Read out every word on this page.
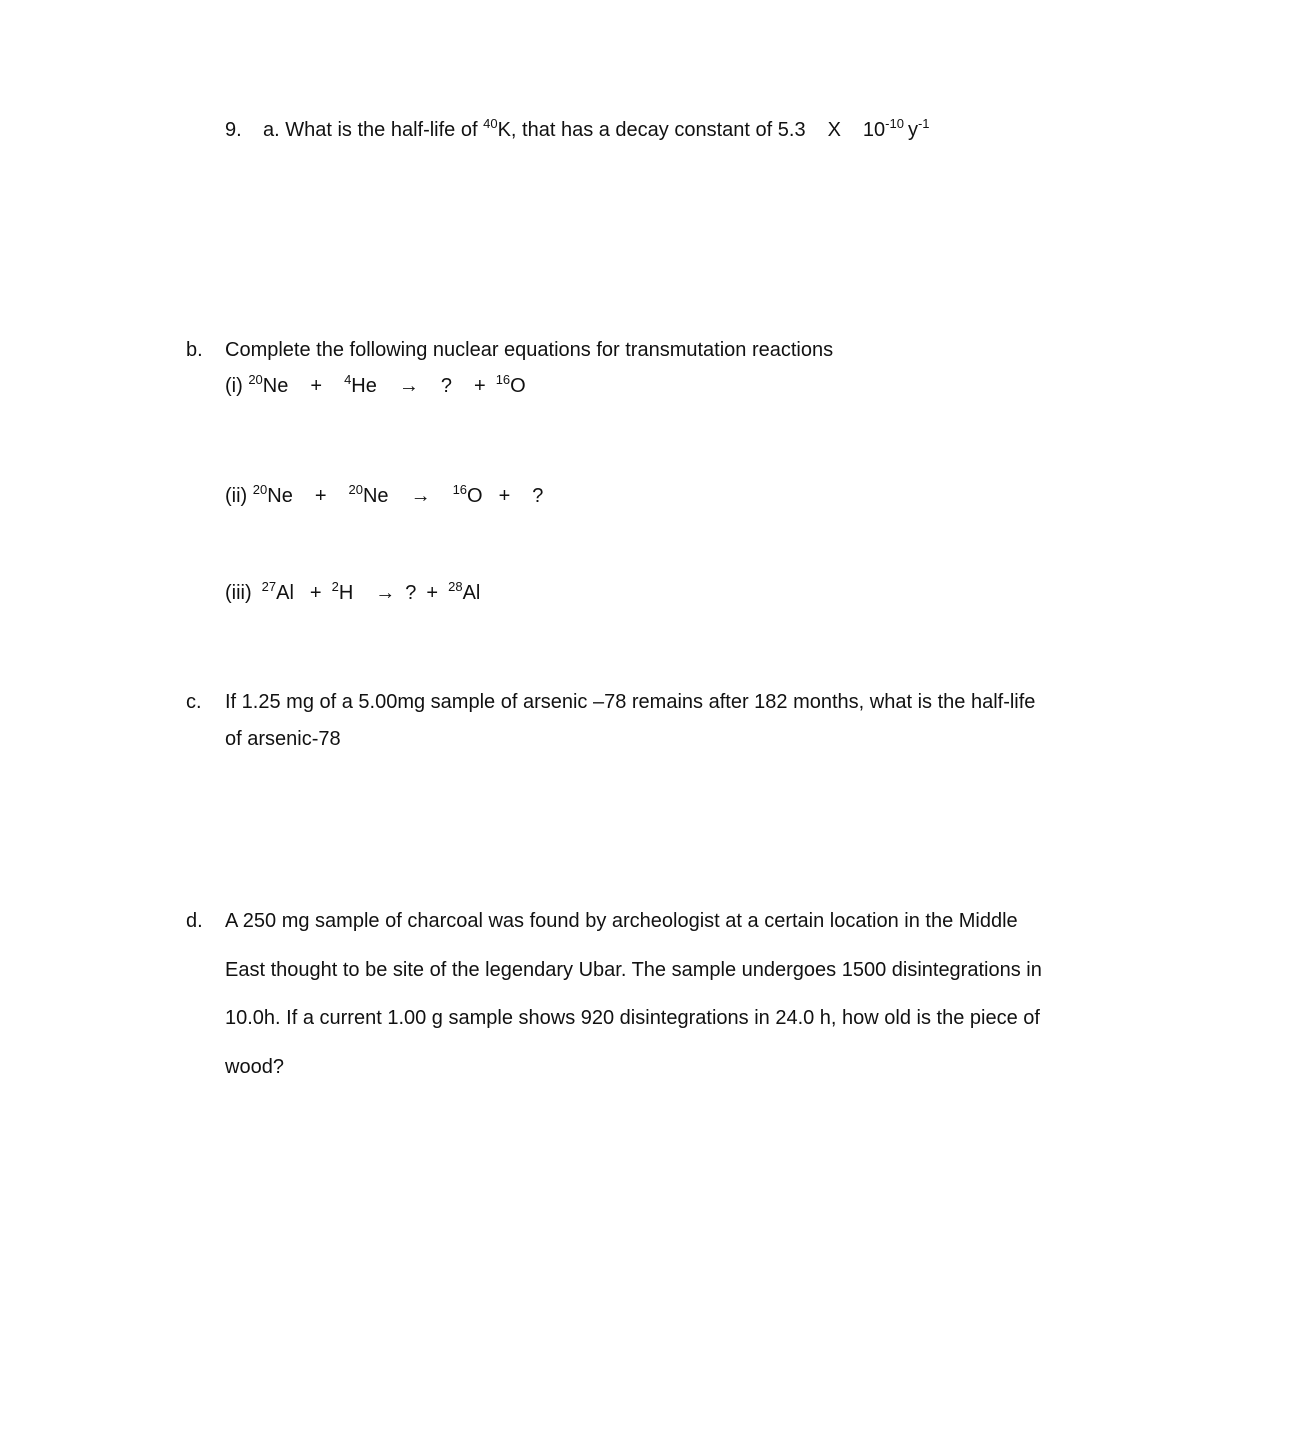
9. a. What is the half-life of $^{40}$K, that has a decay constant of 5.3 X $10^{-10}$ $y^{-1}$
b. Complete the following nuclear equations for transmutation reactions
(i) $^{20}$Ne + $^4$He → ? + $^{16}$O
(ii) $^{20}$Ne + $^{20}$Ne → $^{16}$O + ?
(iii) $^{27}$Al + $^2$H → ? + $^{28}$Al
c. If 1.25 mg of a 5.00mg sample of arsenic –78 remains after 182 months, what is the half-life
of arsenic-78
d. A 250 mg sample of charcoal was found by archeologist at a certain location in the Middle
East thought to be site of the legendary Ubar. The sample undergoes 1500 disintegrations in
10.0h. If a current 1.00 g sample shows 920 disintegrations in 24.0 h, how old is the piece of
wood?
